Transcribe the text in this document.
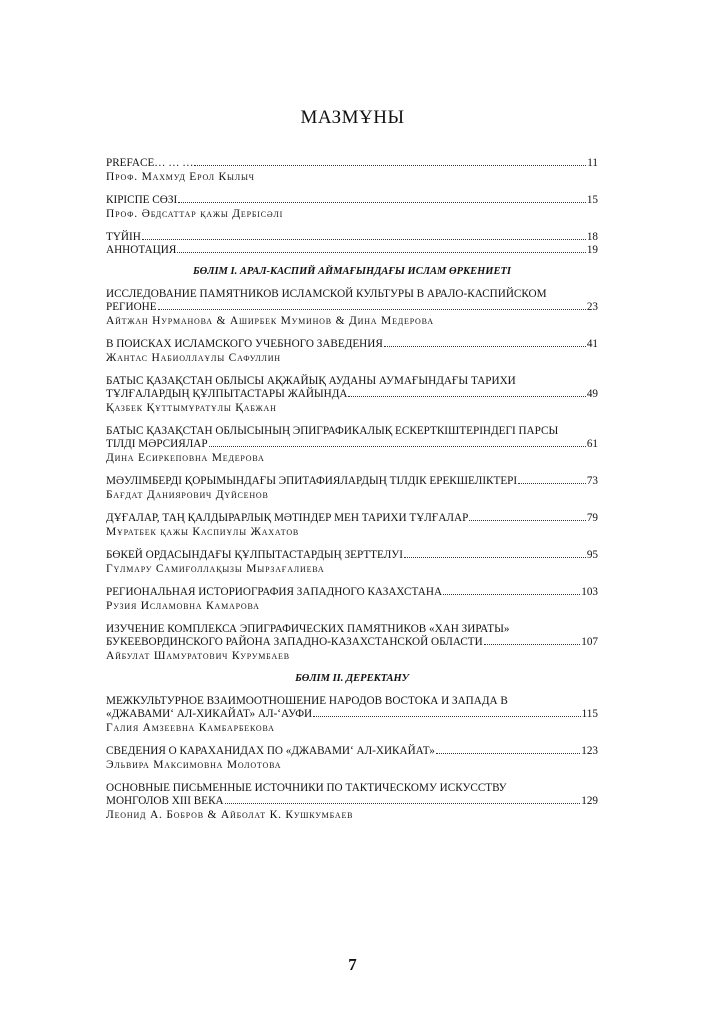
МАЗМҰНЫ
PREFACE… … …	11
Проф. Махмуд Ерол Кылыч
КІРІСПЕ СӨЗІ	15
Проф. Әбдсаттар қажы Дербісәлі
ТҮЙІН	18
АННОТАЦИЯ	19
БӨЛІМ І. АРАЛ-КАСПИЙ АЙМАҒЫНДАҒЫ ИСЛАМ ӨРКЕНИЕТІ
ИССЛЕДОВАНИЕ ПАМЯТНИКОВ ИСЛАМСКОЙ КУЛЬТУРЫ В АРАЛО-КАСПИЙСКОМ
РЕГИОНЕ	23
Айтжан Нурманова & Аширбек Муминов & Дина Медерова
В ПОИСКАХ ИСЛАМСКОГО УЧЕБНОГО ЗАВЕДЕНИЯ	41
Жантас Набиоллаұлы Сафуллин
БАТЫС ҚАЗАҚСТАН ОБЛЫСЫ АҚЖАЙЫҚ АУДАНЫ АУМАҒЫНДАҒЫ ТАРИХИ
ТҰЛҒАЛАРДЫҢ ҚҰЛПЫТАСТАРЫ ЖАЙЫНДА	49
Қазбек Құттымұратұлы Қабжан
БАТЫС ҚАЗАҚСТАН ОБЛЫСЫНЫҢ ЭПИГРАФИКАЛЫҚ ЕСКЕРТКІШТЕРІНДЕГІ ПАРСЫ
ТІЛДІ МӘРСИЯЛАР	61
Дина Есиркеповна Медерова
МӘУЛІМБЕРДІ ҚОРЫМЫНДАҒЫ ЭПИТАФИЯЛАРДЫҢ ТІЛДІК ЕРЕКШЕЛІКТЕРІ	73
Бағдат Даниярович Дүйсенов
ДҰҒАЛАР, ТАҢ ҚАЛДЫРАРЛЫҚ МӘТІНДЕР МЕН ТАРИХИ ТҰЛҒАЛАР	79
Мұратбек қажы Каспиұлы Жахатов
БӨКЕЙ ОРДАСЫНДАҒЫ ҚҰЛПЫТАСТАРДЫҢ ЗЕРТТЕЛУІ	95
Гүлмару Самиғоллақызы Мырзағалиева
РЕГИОНАЛЬНАЯ ИСТОРИОГРАФИЯ ЗАПАДНОГО КАЗАХСТАНА	103
Рузия Исламовна Камарова
ИЗУЧЕНИЕ КОМПЛЕКСА ЭПИГРАФИЧЕСКИХ ПАМЯТНИКОВ «ХАН ЗИРАТЫ»
БУКЕЕВОРДИНСКОГО РАЙОНА ЗАПАДНО-КАЗАХСТАНСКОЙ ОБЛАСТИ	107
Айбулат Шамуратович Курумбаев
БӨЛІМ ІІ. ДЕРЕКТАНУ
МЕЖКУЛЬТУРНОЕ ВЗАИМООТНОШЕНИЕ НАРОДОВ ВОСТОКА И ЗАПАДА В
«ДЖАВАМИ‘ АЛ-ХИКАЙАТ» АЛ-‘АУФИ	115
Галия Амзеевна Камбарбекова
СВЕДЕНИЯ О КАРАХАНИДАХ ПО «ДЖАВАМИ‘ АЛ-ХИКАЙАТ»	123
Эльвира Максимовна Молотова
ОСНОВНЫЕ ПИСЬМЕННЫЕ ИСТОЧНИКИ ПО ТАКТИЧЕСКОМУ ИСКУССТВУ
МОНГОЛОВ XIII ВЕКА	129
Леонид А. Бобров & Айболат К. Кушкумбаев
7
